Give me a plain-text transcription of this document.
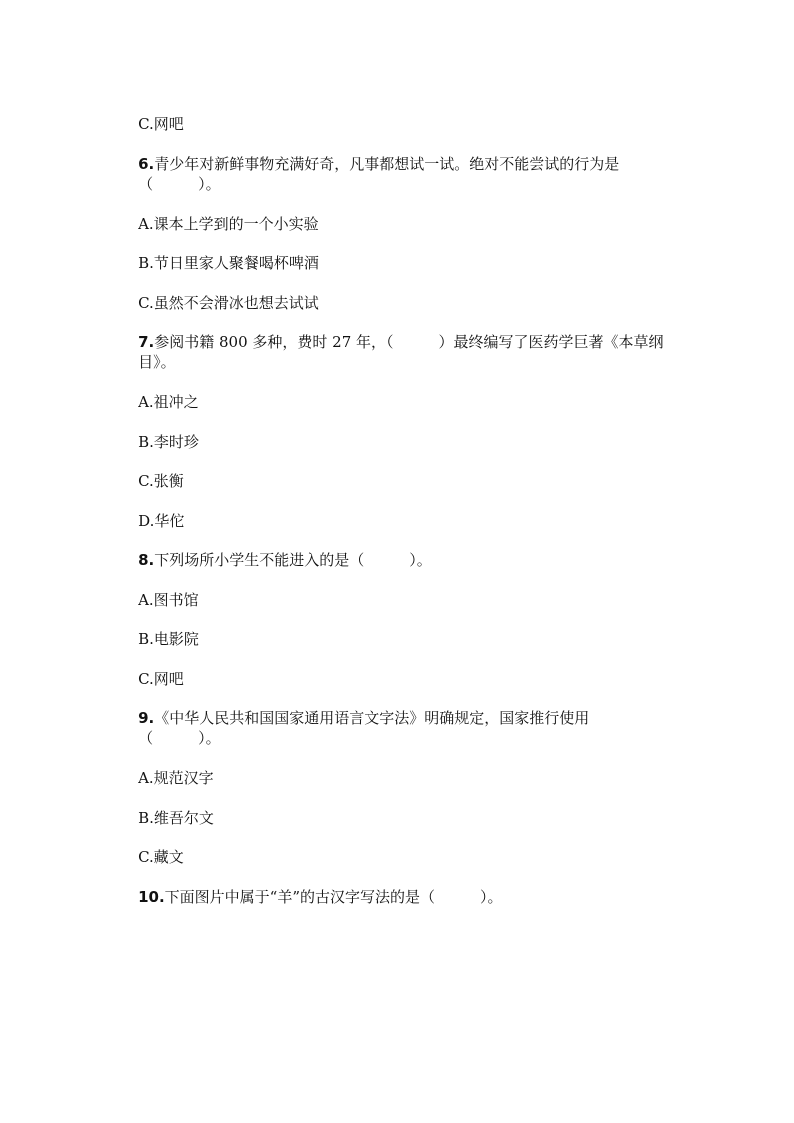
C.网吧

6.青少年对新鲜事物充满好奇，凡事都想试一试。绝对不能尝试的行为是

（　　　）。

A.课本上学到的一个小实验

B.节日里家人聚餐喝杯啤酒

C.虽然不会滑冰也想去试试

7.参阅书籍 800 多种，费时 27 年，（　　　）最终编写了医药学巨著《本草纲

目》。

A.祖冲之

B.李时珍

C.张衡

D.华佗

8.下列场所小学生不能进入的是（　　　）。

A.图书馆

B.电影院

C.网吧

9.《中华人民共和国国家通用语言文字法》明确规定，国家推行使用

（　　　）。

A.规范汉字

B.维吾尔文

C.藏文

10.下面图片中属于“羊”的古汉字写法的是（　　　）。
